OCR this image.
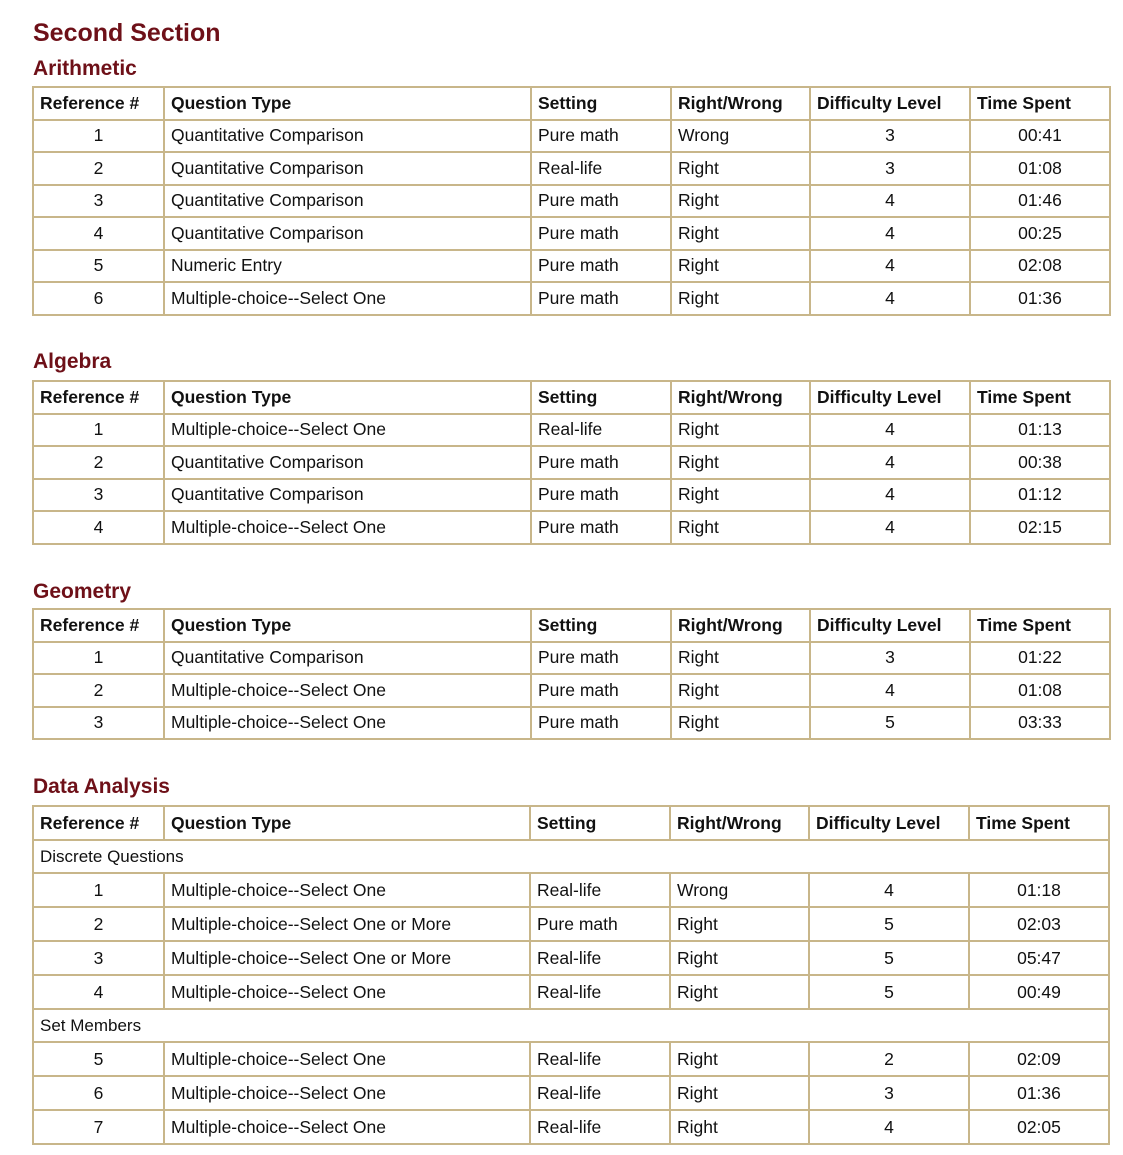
Second Section
Arithmetic
Reference #	Question Type	Setting	Right/Wrong	Difficulty Level	Time Spent
1	Quantitative Comparison	Pure math	Wrong	3	00:41
2	Quantitative Comparison	Real-life	Right	3	01:08
3	Quantitative Comparison	Pure math	Right	4	01:46
4	Quantitative Comparison	Pure math	Right	4	00:25
5	Numeric Entry	Pure math	Right	4	02:08
6	Multiple-choice--Select One	Pure math	Right	4	01:36
Algebra
Reference #	Question Type	Setting	Right/Wrong	Difficulty Level	Time Spent
1	Multiple-choice--Select One	Real-life	Right	4	01:13
2	Quantitative Comparison	Pure math	Right	4	00:38
3	Quantitative Comparison	Pure math	Right	4	01:12
4	Multiple-choice--Select One	Pure math	Right	4	02:15
Geometry
Reference #	Question Type	Setting	Right/Wrong	Difficulty Level	Time Spent
1	Quantitative Comparison	Pure math	Right	3	01:22
2	Multiple-choice--Select One	Pure math	Right	4	01:08
3	Multiple-choice--Select One	Pure math	Right	5	03:33
Data Analysis
Reference #	Question Type	Setting	Right/Wrong	Difficulty Level	Time Spent
Discrete Questions					
1	Multiple-choice--Select One	Real-life	Wrong	4	01:18
2	Multiple-choice--Select One or More	Pure math	Right	5	02:03
3	Multiple-choice--Select One or More	Real-life	Right	5	05:47
4	Multiple-choice--Select One	Real-life	Right	5	00:49
Set Members					
5	Multiple-choice--Select One	Real-life	Right	2	02:09
6	Multiple-choice--Select One	Real-life	Right	3	01:36
7	Multiple-choice--Select One	Real-life	Right	4	02:05
